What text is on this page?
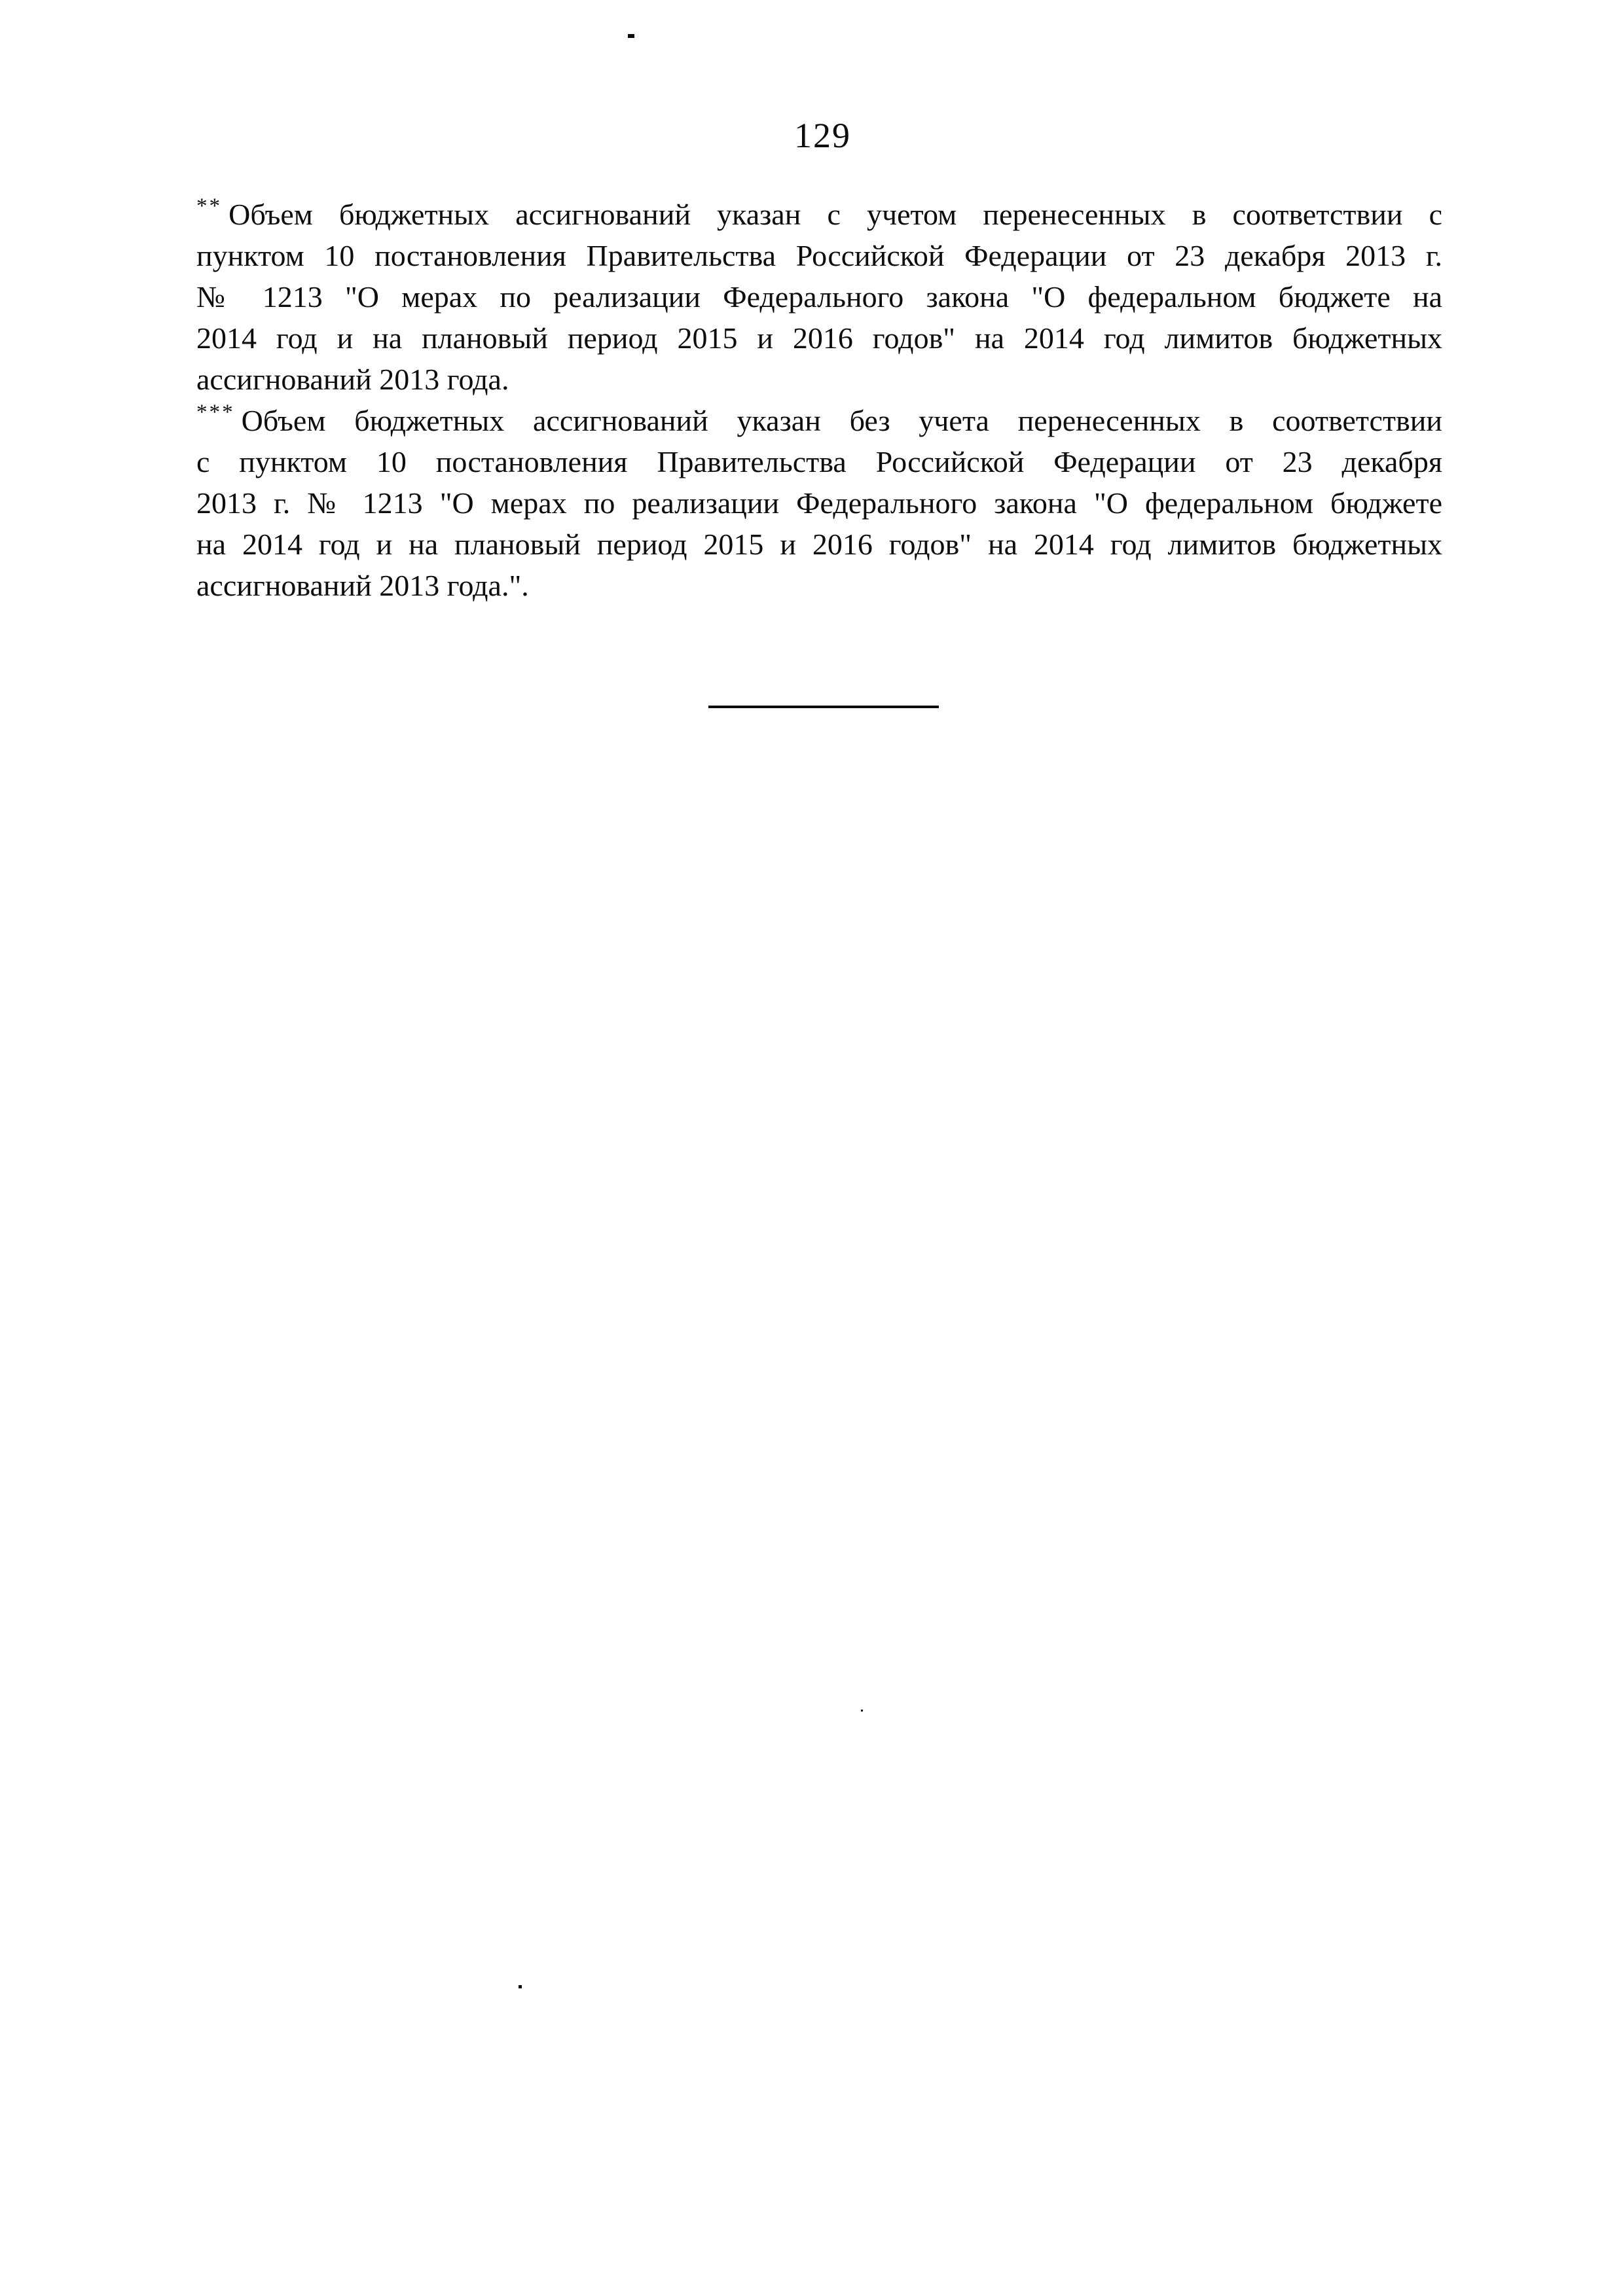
129
** Объем бюджетных ассигнований указан с учетом перенесенных в соответствии с
пунктом 10 постановления Правительства Российской Федерации от 23 декабря 2013 г.
№ 1213 "О мерах по реализации Федерального закона "О федеральном бюджете на
2014 год и на плановый период 2015 и 2016 годов" на 2014 год лимитов бюджетных
ассигнований 2013 года.
*** Объем бюджетных ассигнований указан без учета перенесенных в соответствии
с пунктом 10 постановления Правительства Российской Федерации от 23 декабря
2013 г. № 1213 "О мерах по реализации Федерального закона "О федеральном бюджете
на 2014 год и на плановый период 2015 и 2016 годов" на 2014 год лимитов бюджетных
ассигнований 2013 года.".
